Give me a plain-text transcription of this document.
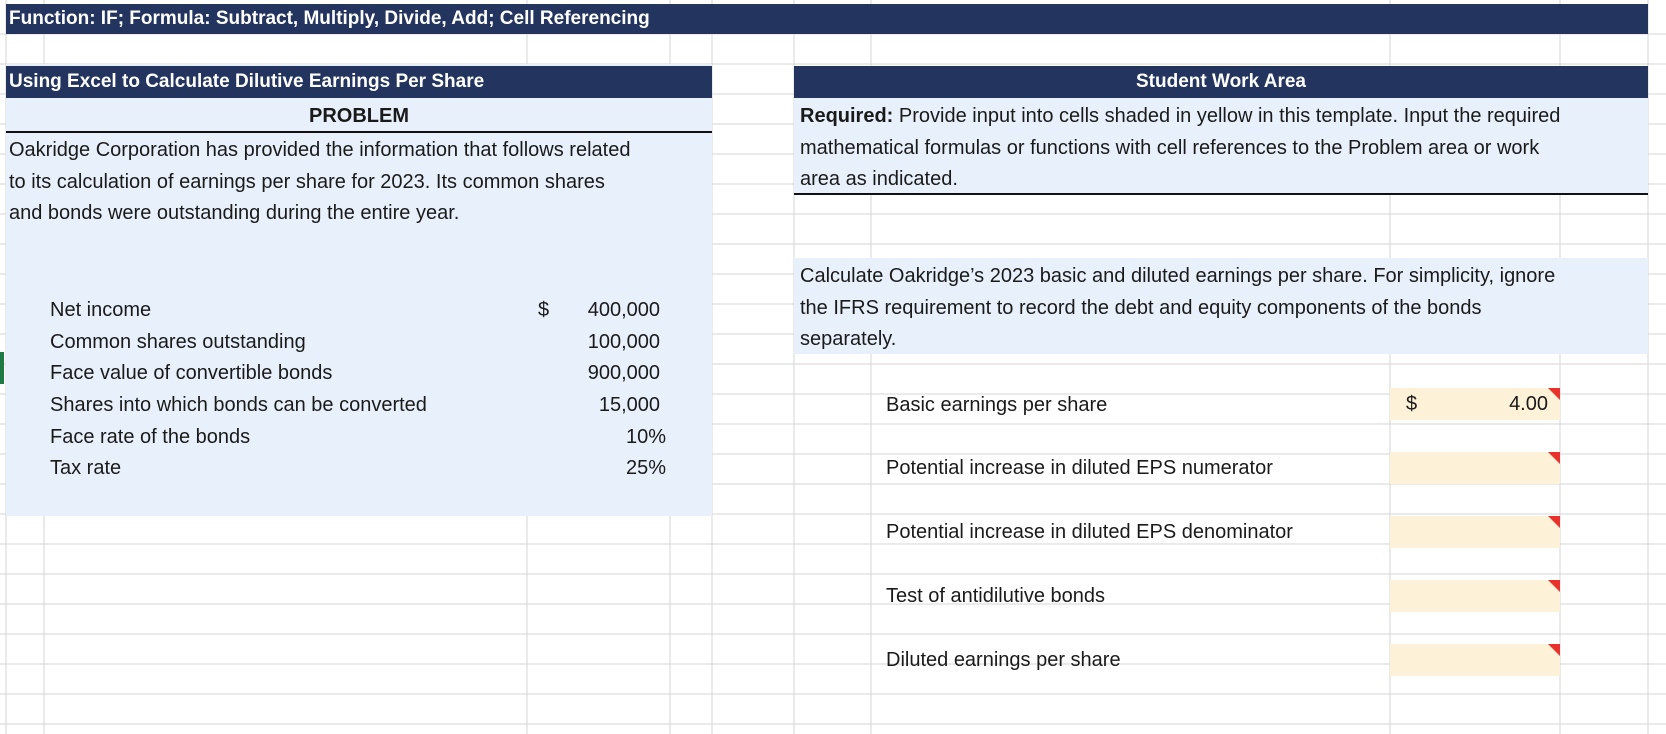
Function: IF; Formula: Subtract, Multiply, Divide, Add; Cell Referencing
Using Excel to Calculate Dilutive Earnings Per Share
PROBLEM
Oakridge Corporation has provided the information that follows related
to its calculation of earnings per share for 2023. Its common shares
and bonds were outstanding during the entire year.
Net income	$	400,000
Common shares outstanding	100,000
Face value of convertible bonds	900,000
Shares into which bonds can be converted	15,000
Face rate of the bonds	10%
Tax rate	25%
Student Work Area
Required: Provide input into cells shaded in yellow in this template. Input the required
mathematical formulas or functions with cell references to the Problem area or work
area as indicated.
Calculate Oakridge’s 2023 basic and diluted earnings per share. For simplicity, ignore
the IFRS requirement to record the debt and equity components of the bonds
separately.
Basic earnings per share	$	4.00
Potential increase in diluted EPS numerator
Potential increase in diluted EPS denominator
Test of antidilutive bonds
Diluted earnings per share
